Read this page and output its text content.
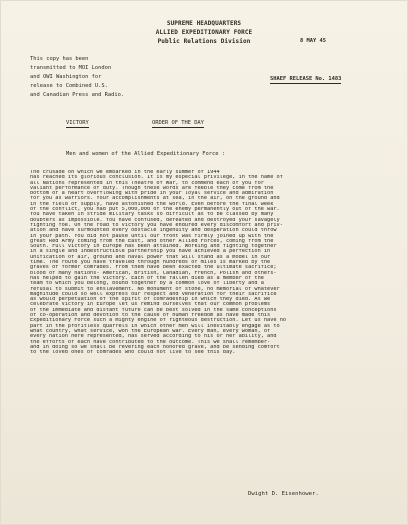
SUPREME HEADQUARTERS
ALLIED EXPEDITIONARY FORCE
Public Relations Division	8 MAY 45
This copy has been
transmitted to MOI London
and OWI Washington for
release to Combined U.S.
and Canadian Press and Radio.
SHAEF RELEASE No. 1483
VICTORY	ORDER OF THE DAY
Men and women of the Allied Expeditionary Force :
The crusade on which we embarked in the early summer of 1944
has reached its glorious conclusion. It is my especial privilege, in the name of
all Nations represented in this Theatre of War, to commend each of you for
valiant performance of duty. Though these words are feeble they come from the
bottom of a heart overflowing with pride in your loyal service and admiration
for you as warriors. Your accomplishments at sea, in the air, on the ground and
in the field of supply, have astonished the world. Even before the final week
of the conflict, you had put 5,000,000 of the enemy permanently out of the war.
You have taken in stride military tasks so difficult as to be classed by many
doubters as impossible. You have confused, defeated and destroyed your savagely
fighting foe. On the road to victory you have endured every discomfort and priv-
ation and have surmounted every obstacle ingenuity and desperation could throw
in your path. You did not pause until our front was firmly joined up with the
great Red Army coming from the East, and other Allied Forces, coming from the
South. Full victory in Europe has been attained. Working and fighting together
in a single and indestructible partnership you have achieved a perfection in
unification of air, ground and naval power that will stand as a model in our
time. The route you have traveled through hundreds of miles is marked by the
graves of former comrades. From them have been exacted the ultimate sacrifice;
blood of many nations- American, British, Canadian, French, Polish and others-
has helped to gain the victory. Each of the fallen died as a member of the
team to which you belong, bound together by a common love of liberty and a
refusal to submit to enslavement. No monument of stone, no memorial of whatever
magnitude could so well express our respect and veneration for their sacrifice
as would perpetuation of the spirit of comradeship in which they died. As we
celebrate Victory in Europe let us remind ourselves that our common problems
of the immediate and distant future can be best solved in the same conceptions
of co-operation and devotion to the cause of human freedom as have made this
Expeditionary Force such a mighty engine of righteous destruction. Let us have no
part in the profitless quarrels in which other men will inevitably engage as to
what country, what service, won the European war. Every man, every woman, of
every nation here represented, has served according to his or her ability, and
the efforts of each have contributed to the outcome. This we shall remember-
and in doing so we shall be revering each honored grave, and be sending comfort
to the loved ones of comrades who could not live to see this day.
Dwight D. Eisenhower.
